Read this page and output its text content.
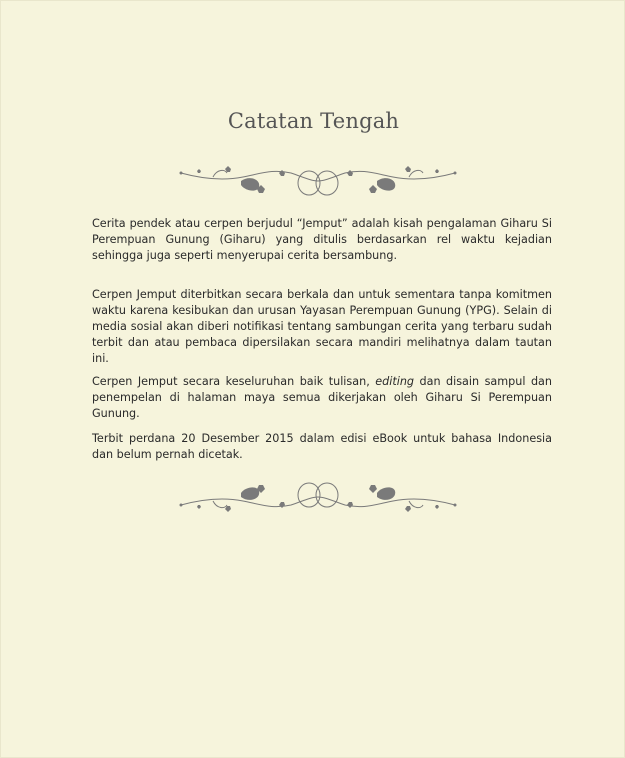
Catatan Tengah

Cerita pendek atau cerpen berjudul “Jemput” adalah kisah pengalaman Giharu Si Perempuan Gunung (Giharu) yang ditulis berdasarkan rel waktu kejadian sehingga juga seperti menyerupai cerita bersambung.

Cerpen Jemput diterbitkan secara berkala dan untuk sementara tanpa komitmen waktu karena kesibukan dan urusan Yayasan Perempuan Gunung (YPG). Selain di media sosial akan diberi notifikasi tentang sambungan cerita yang terbaru sudah terbit dan atau pembaca dipersilakan secara mandiri melihatnya dalam tautan ini.

Cerpen Jemput secara keseluruhan baik tulisan, editing dan disain sampul dan penempelan di halaman maya semua dikerjakan oleh Giharu Si Perempuan Gunung.

Terbit perdana 20 Desember 2015 dalam edisi eBook untuk bahasa Indonesia dan belum pernah dicetak.
